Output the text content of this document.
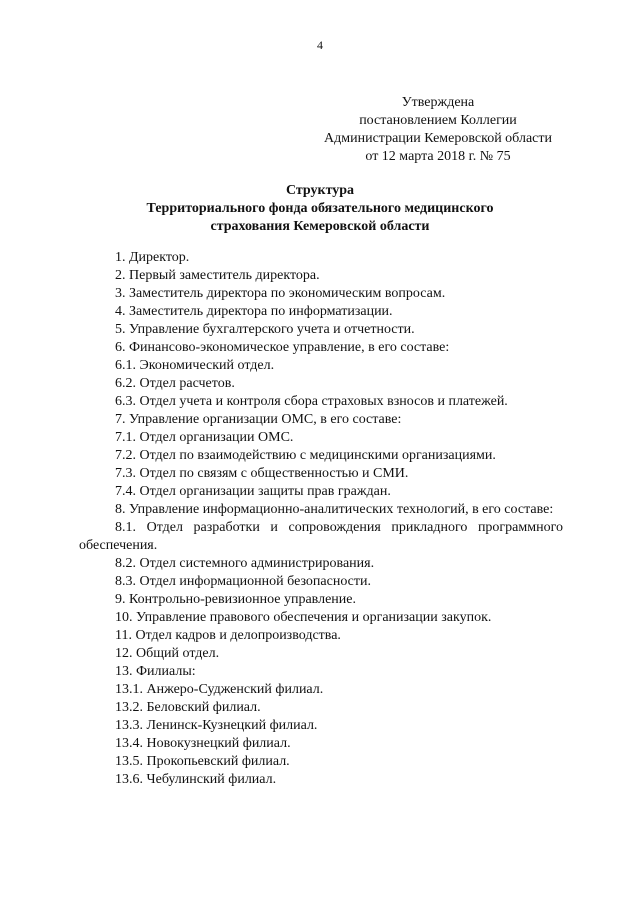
4
Утверждена
постановлением Коллегии
Администрации Кемеровской области
от 12 марта 2018 г. № 75
Структура
Территориального фонда обязательного медицинского
страхования Кемеровской области
1. Директор.
2. Первый заместитель директора.
3. Заместитель директора по экономическим вопросам.
4. Заместитель директора по информатизации.
5. Управление бухгалтерского учета и отчетности.
6. Финансово-экономическое управление, в его составе:
6.1. Экономический отдел.
6.2. Отдел расчетов.
6.3. Отдел учета и контроля сбора страховых взносов и платежей.
7. Управление организации ОМС, в его составе:
7.1. Отдел организации ОМС.
7.2. Отдел по взаимодействию с медицинскими организациями.
7.3. Отдел по связям с общественностью и СМИ.
7.4. Отдел организации защиты прав граждан.
8. Управление информационно-аналитических технологий, в его составе:
8.1. Отдел разработки и сопровождения прикладного программного обеспечения.
8.2. Отдел системного администрирования.
8.3. Отдел информационной безопасности.
9. Контрольно-ревизионное управление.
10. Управление правового обеспечения и организации закупок.
11. Отдел кадров и делопроизводства.
12. Общий отдел.
13. Филиалы:
13.1. Анжеро-Судженский филиал.
13.2. Беловский филиал.
13.3. Ленинск-Кузнецкий филиал.
13.4. Новокузнецкий филиал.
13.5. Прокопьевский филиал.
13.6. Чебулинский филиал.
